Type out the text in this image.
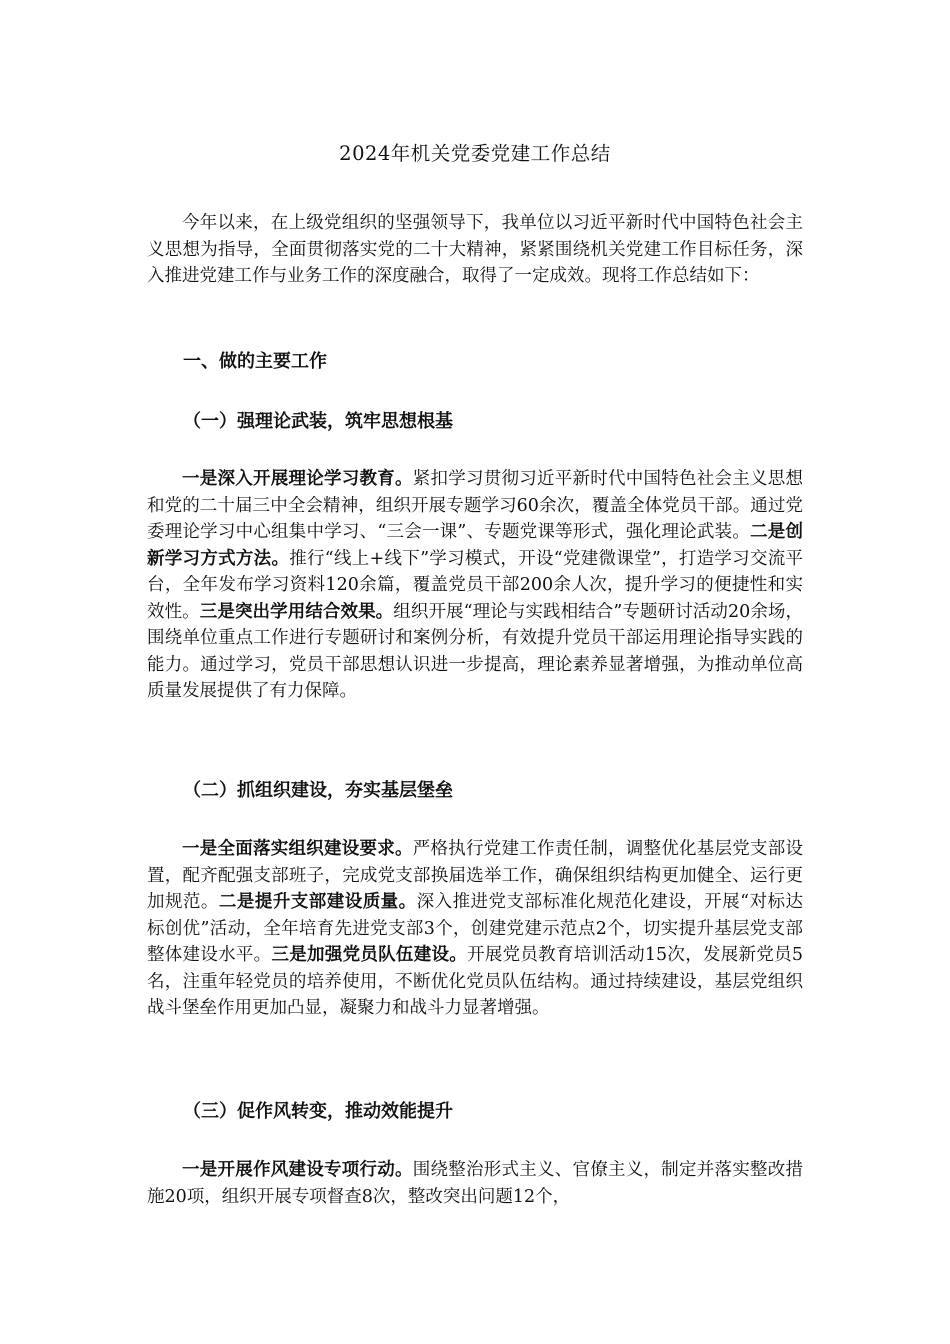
2024年机关党委党建工作总结

今年以来，在上级党组织的坚强领导下，我单位以习近平新时代中国特色社会主义思想为指导，全面贯彻落实党的二十大精神，紧紧围绕机关党建工作目标任务，深入推进党建工作与业务工作的深度融合，取得了一定成效。现将工作总结如下：

一、做的主要工作

（一）强理论武装，筑牢思想根基

一是深入开展理论学习教育。紧扣学习贯彻习近平新时代中国特色社会主义思想和党的二十届三中全会精神，组织开展专题学习60余次，覆盖全体党员干部。通过党委理论学习中心组集中学习、“三会一课”、专题党课等形式，强化理论武装。二是创新学习方式方法。推行“线上+线下”学习模式，开设“党建微课堂”，打造学习交流平台，全年发布学习资料120余篇，覆盖党员干部200余人次，提升学习的便捷性和实效性。三是突出学用结合效果。组织开展“理论与实践相结合”专题研讨活动20余场，围绕单位重点工作进行专题研讨和案例分析，有效提升党员干部运用理论指导实践的能力。通过学习，党员干部思想认识进一步提高，理论素养显著增强，为推动单位高质量发展提供了有力保障。

（二）抓组织建设，夯实基层堡垒

一是全面落实组织建设要求。严格执行党建工作责任制，调整优化基层党支部设置，配齐配强支部班子，完成党支部换届选举工作，确保组织结构更加健全、运行更加规范。二是提升支部建设质量。深入推进党支部标准化规范化建设，开展“对标达标创优”活动，全年培育先进党支部3个，创建党建示范点2个，切实提升基层党支部整体建设水平。三是加强党员队伍建设。开展党员教育培训活动15次，发展新党员5名，注重年轻党员的培养使用，不断优化党员队伍结构。通过持续建设，基层党组织战斗堡垒作用更加凸显，凝聚力和战斗力显著增强。

（三）促作风转变，推动效能提升

一是开展作风建设专项行动。围绕整治形式主义、官僚主义，制定并落实整改措施20项，组织开展专项督查8次，整改突出问题12个，
